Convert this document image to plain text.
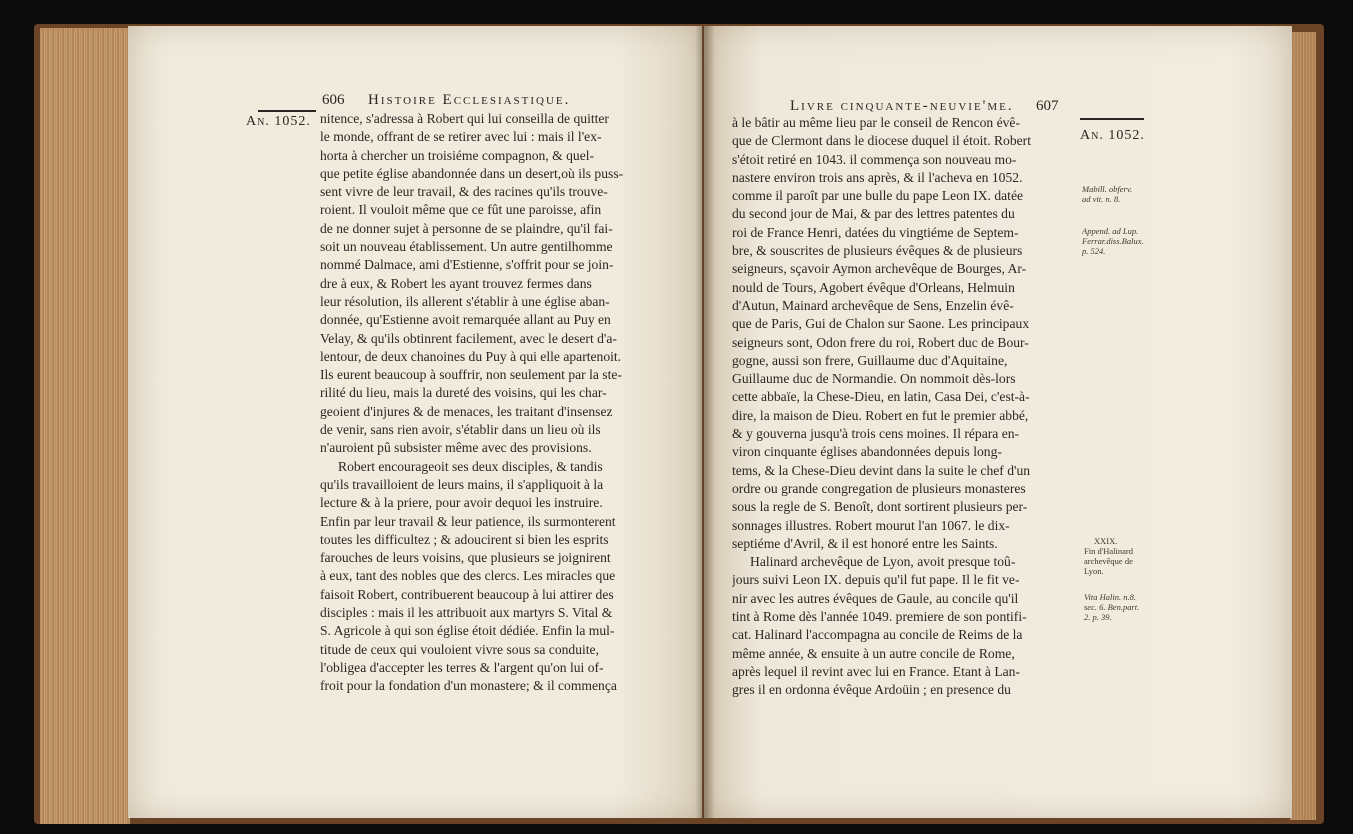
An. 1052.
606 Histoire Ecclesiastique.
nitence, s'adressa à Robert qui lui conseilla de quitter
le monde, offrant de se retirer avec lui : mais il l'ex-
horta à chercher un troisiéme compagnon, & quel-
que petite église abandonnée dans un desert,où ils puss-
sent vivre de leur travail, & des racines qu'ils trouve-
roient. Il vouloit même que ce fût une paroisse, afin
de ne donner sujet à personne de se plaindre, qu'il fai-
soit un nouveau établissement. Un autre gentilhomme
nommé Dalmace, ami d'Estienne, s'offrit pour se join-
dre à eux, & Robert les ayant trouvez fermes dans
leur résolution, ils allerent s'établir à une église aban-
donnée, qu'Estienne avoit remarquée allant au Puy en
Velay, & qu'ils obtinrent facilement, avec le desert d'a-
lentour, de deux chanoines du Puy à qui elle apartenoit.
Ils eurent beaucoup à souffrir, non seulement par la ste-
rilité du lieu, mais la dureté des voisins, qui les char-
geoient d'injures & de menaces, les traitant d'insensez
de venir, sans rien avoir, s'établir dans un lieu où ils
n'auroient pû subsister même avec des provisions.
Robert encourageoit ses deux disciples, & tandis
qu'ils travailloient de leurs mains, il s'appliquoit à la
lecture & à la priere, pour avoir dequoi les instruire.
Enfin par leur travail & leur patience, ils surmonterent
toutes les difficultez ; & adoucirent si bien les esprits
farouches de leurs voisins, que plusieurs se joignirent
à eux, tant des nobles que des clercs. Les miracles que
faisoit Robert, contribuerent beaucoup à lui attirer des
disciples : mais il les attribuoit aux martyrs S. Vital &
S. Agricole à qui son église étoit dédiée. Enfin la mul-
titude de ceux qui vouloient vivre sous sa conduite,
l'obligea d'accepter les terres & l'argent qu'on lui of-
froit pour la fondation d'un monastere; & il commença
Livre cinquante-neuvie'me. 607
An. 1052.
à le bâtir au même lieu par le conseil de Rencon évê-
que de Clermont dans le diocese duquel il étoit. Robert
s'étoit retiré en 1043. il commença son nouveau mo-
nastere environ trois ans après, & il l'acheva en 1052.
comme il paroît par une bulle du pape Leon IX. datée
du second jour de Mai, & par des lettres patentes du
roi de France Henri, datées du vingtiéme de Septem-
bre, & souscrites de plusieurs évêques & de plusieurs
seigneurs, sçavoir Aymon archevêque de Bourges, Ar-
nould de Tours, Agobert évêque d'Orleans, Helmuin
d'Autun, Mainard archevêque de Sens, Enzelin évê-
que de Paris, Gui de Chalon sur Saone. Les principaux
seigneurs sont, Odon frere du roi, Robert duc de Bour-
gogne, aussi son frere, Guillaume duc d'Aquitaine,
Guillaume duc de Normandie. On nommoit dès-lors
cette abbaïe, la Chese-Dieu, en latin, Casa Dei, c'est-à-
dire, la maison de Dieu. Robert en fut le premier abbé,
& y gouverna jusqu'à trois cens moines. Il répara en-
viron cinquante églises abandonnées depuis long-
tems, & la Chese-Dieu devint dans la suite le chef d'un
ordre ou grande congregation de plusieurs monasteres
sous la regle de S. Benoît, dont sortirent plusieurs per-
sonnages illustres. Robert mourut l'an 1067. le dix-
septiéme d'Avril, & il est honoré entre les Saints.
Halinard archevêque de Lyon, avoit presque toû-
jours suivi Leon IX. depuis qu'il fut pape. Il le fit ve-
nir avec les autres évêques de Gaule, au concile qu'il
tint à Rome dès l'année 1049. premiere de son pontifi-
cat. Halinard l'accompagna au concile de Reims de la
même année, & ensuite à un autre concile de Rome,
après lequel il revint avec lui en France. Etant à Lan-
gres il en ordonna évêque Ardoüin ; en presence du
Mabill. obferv.
ad vit. n. 8.
Append. ad Lup.
Ferrar.diss.Balux.
p. 524.
XXIX.
Fin d'Halinard
archevêque de
Lyon.
Vita Halin. n.8.
sec. 6. Ben.part.
2. p. 39.
